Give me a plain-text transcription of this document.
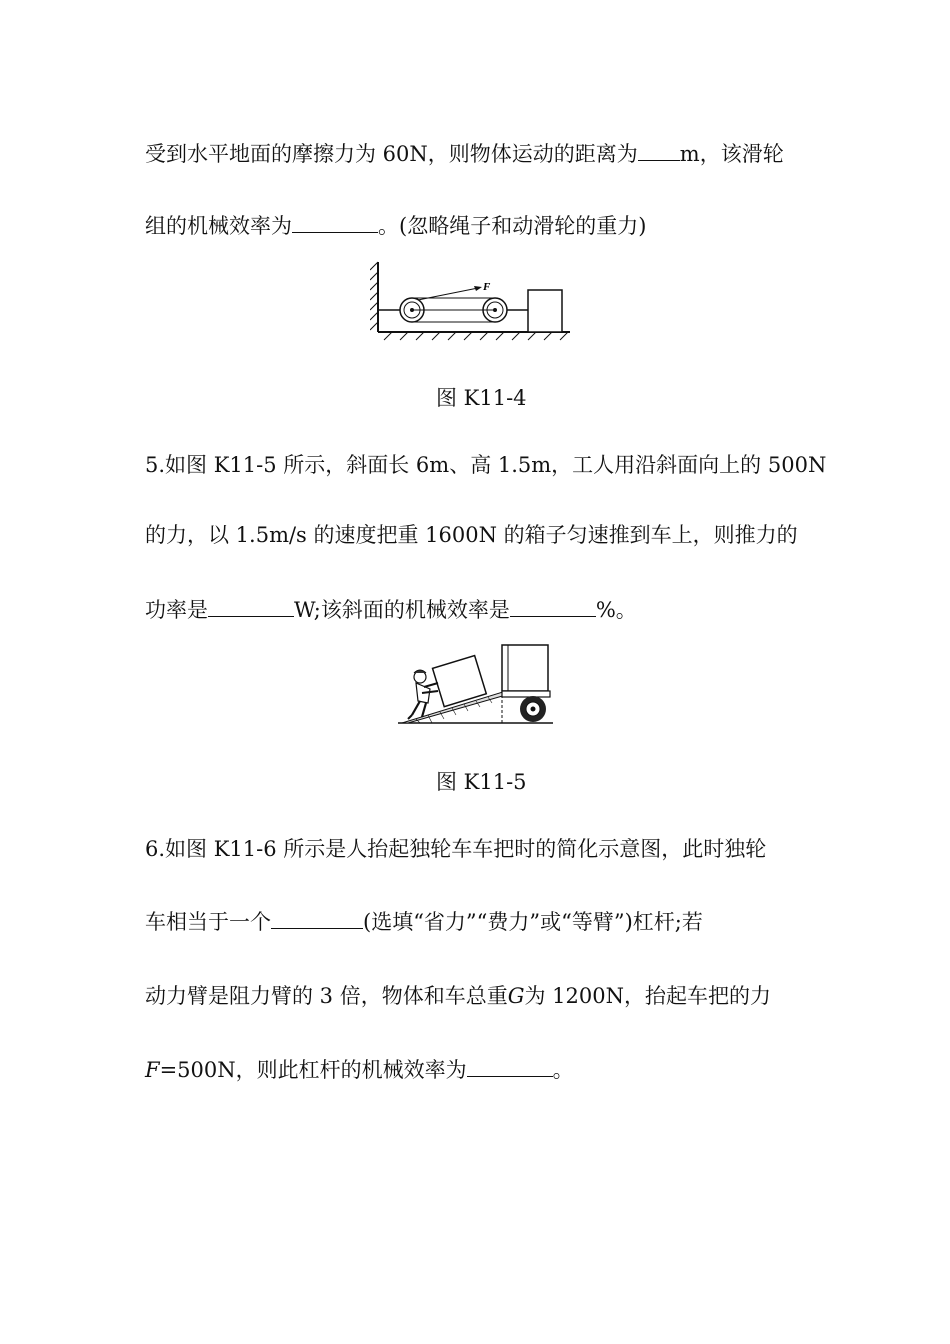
受到水平地面的摩擦力为 60N，则物体运动的距离为 m，该滑轮
组的机械效率为	。(忽略绳子和动滑轮的重力)
F
图 K11-4
5.如图 K11-5 所示，斜面长 6m、高 1.5m，工人用沿斜面向上的 500N
的力，以 1.5m/s 的速度把重 1600N 的箱子匀速推到车上，则推力的
功率是	W;该斜面的机械效率是	%。
图 K11-5
6.如图 K11-6 所示是人抬起独轮车车把时的简化示意图，此时独轮
车相当于一个	(选填“省力”“费力”或“等臂”)杠杆;若
动力臂是阻力臂的 3 倍，物体和车总重G为 1200N，抬起车把的力
F=500N，则此杠杆的机械效率为	。
